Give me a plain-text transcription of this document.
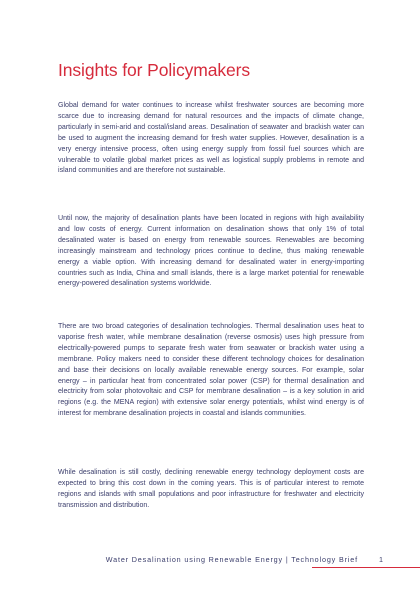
Insights for Policymakers

Global demand for water continues to increase whilst freshwater sources are becoming more scarce due to increasing demand for natural resources and the impacts of climate change, particularly in semi-arid and costal/island areas. Desalination of seawater and brackish water can be used to augment the increasing demand for fresh water supplies. However, desalination is a very energy intensive process, often using energy supply from fossil fuel sources which are vulnerable to volatile global market prices as well as logistical supply problems in remote and island communities and are therefore not sustainable.

Until now, the majority of desalination plants have been located in regions with high availability and low costs of energy. Current information on desalination shows that only 1% of total desalinated water is based on energy from renewable sources. Renewables are becoming increasingly mainstream and technology prices continue to decline, thus making renewable energy a viable option. With increasing demand for desalinated water in energy-importing countries such as India, China and small islands, there is a large market potential for renewable energy-powered desalination systems worldwide.

There are two broad categories of desalination technologies. Thermal desalination uses heat to vaporise fresh water, while membrane desalination (reverse osmosis) uses high pressure from electrically-powered pumps to separate fresh water from seawater or brackish water using a membrane. Policy makers need to consider these different technology choices for desalination and base their decisions on locally available renewable energy sources. For example, solar energy – in particular heat from concentrated solar power (CSP) for thermal desalination and electricity from solar photovoltaic and CSP for membrane desalination – is a key solution in arid regions (e.g. the MENA region) with extensive solar energy potentials, whilst wind energy is of interest for membrane desalination projects in coastal and islands communities.

While desalination is still costly, declining renewable energy technology deployment costs are expected to bring this cost down in the coming years. This is of particular interest to remote regions and islands with small populations and poor infrastructure for freshwater and electricity transmission and distribution.

Water Desalination using Renewable Energy | Technology Brief	1
